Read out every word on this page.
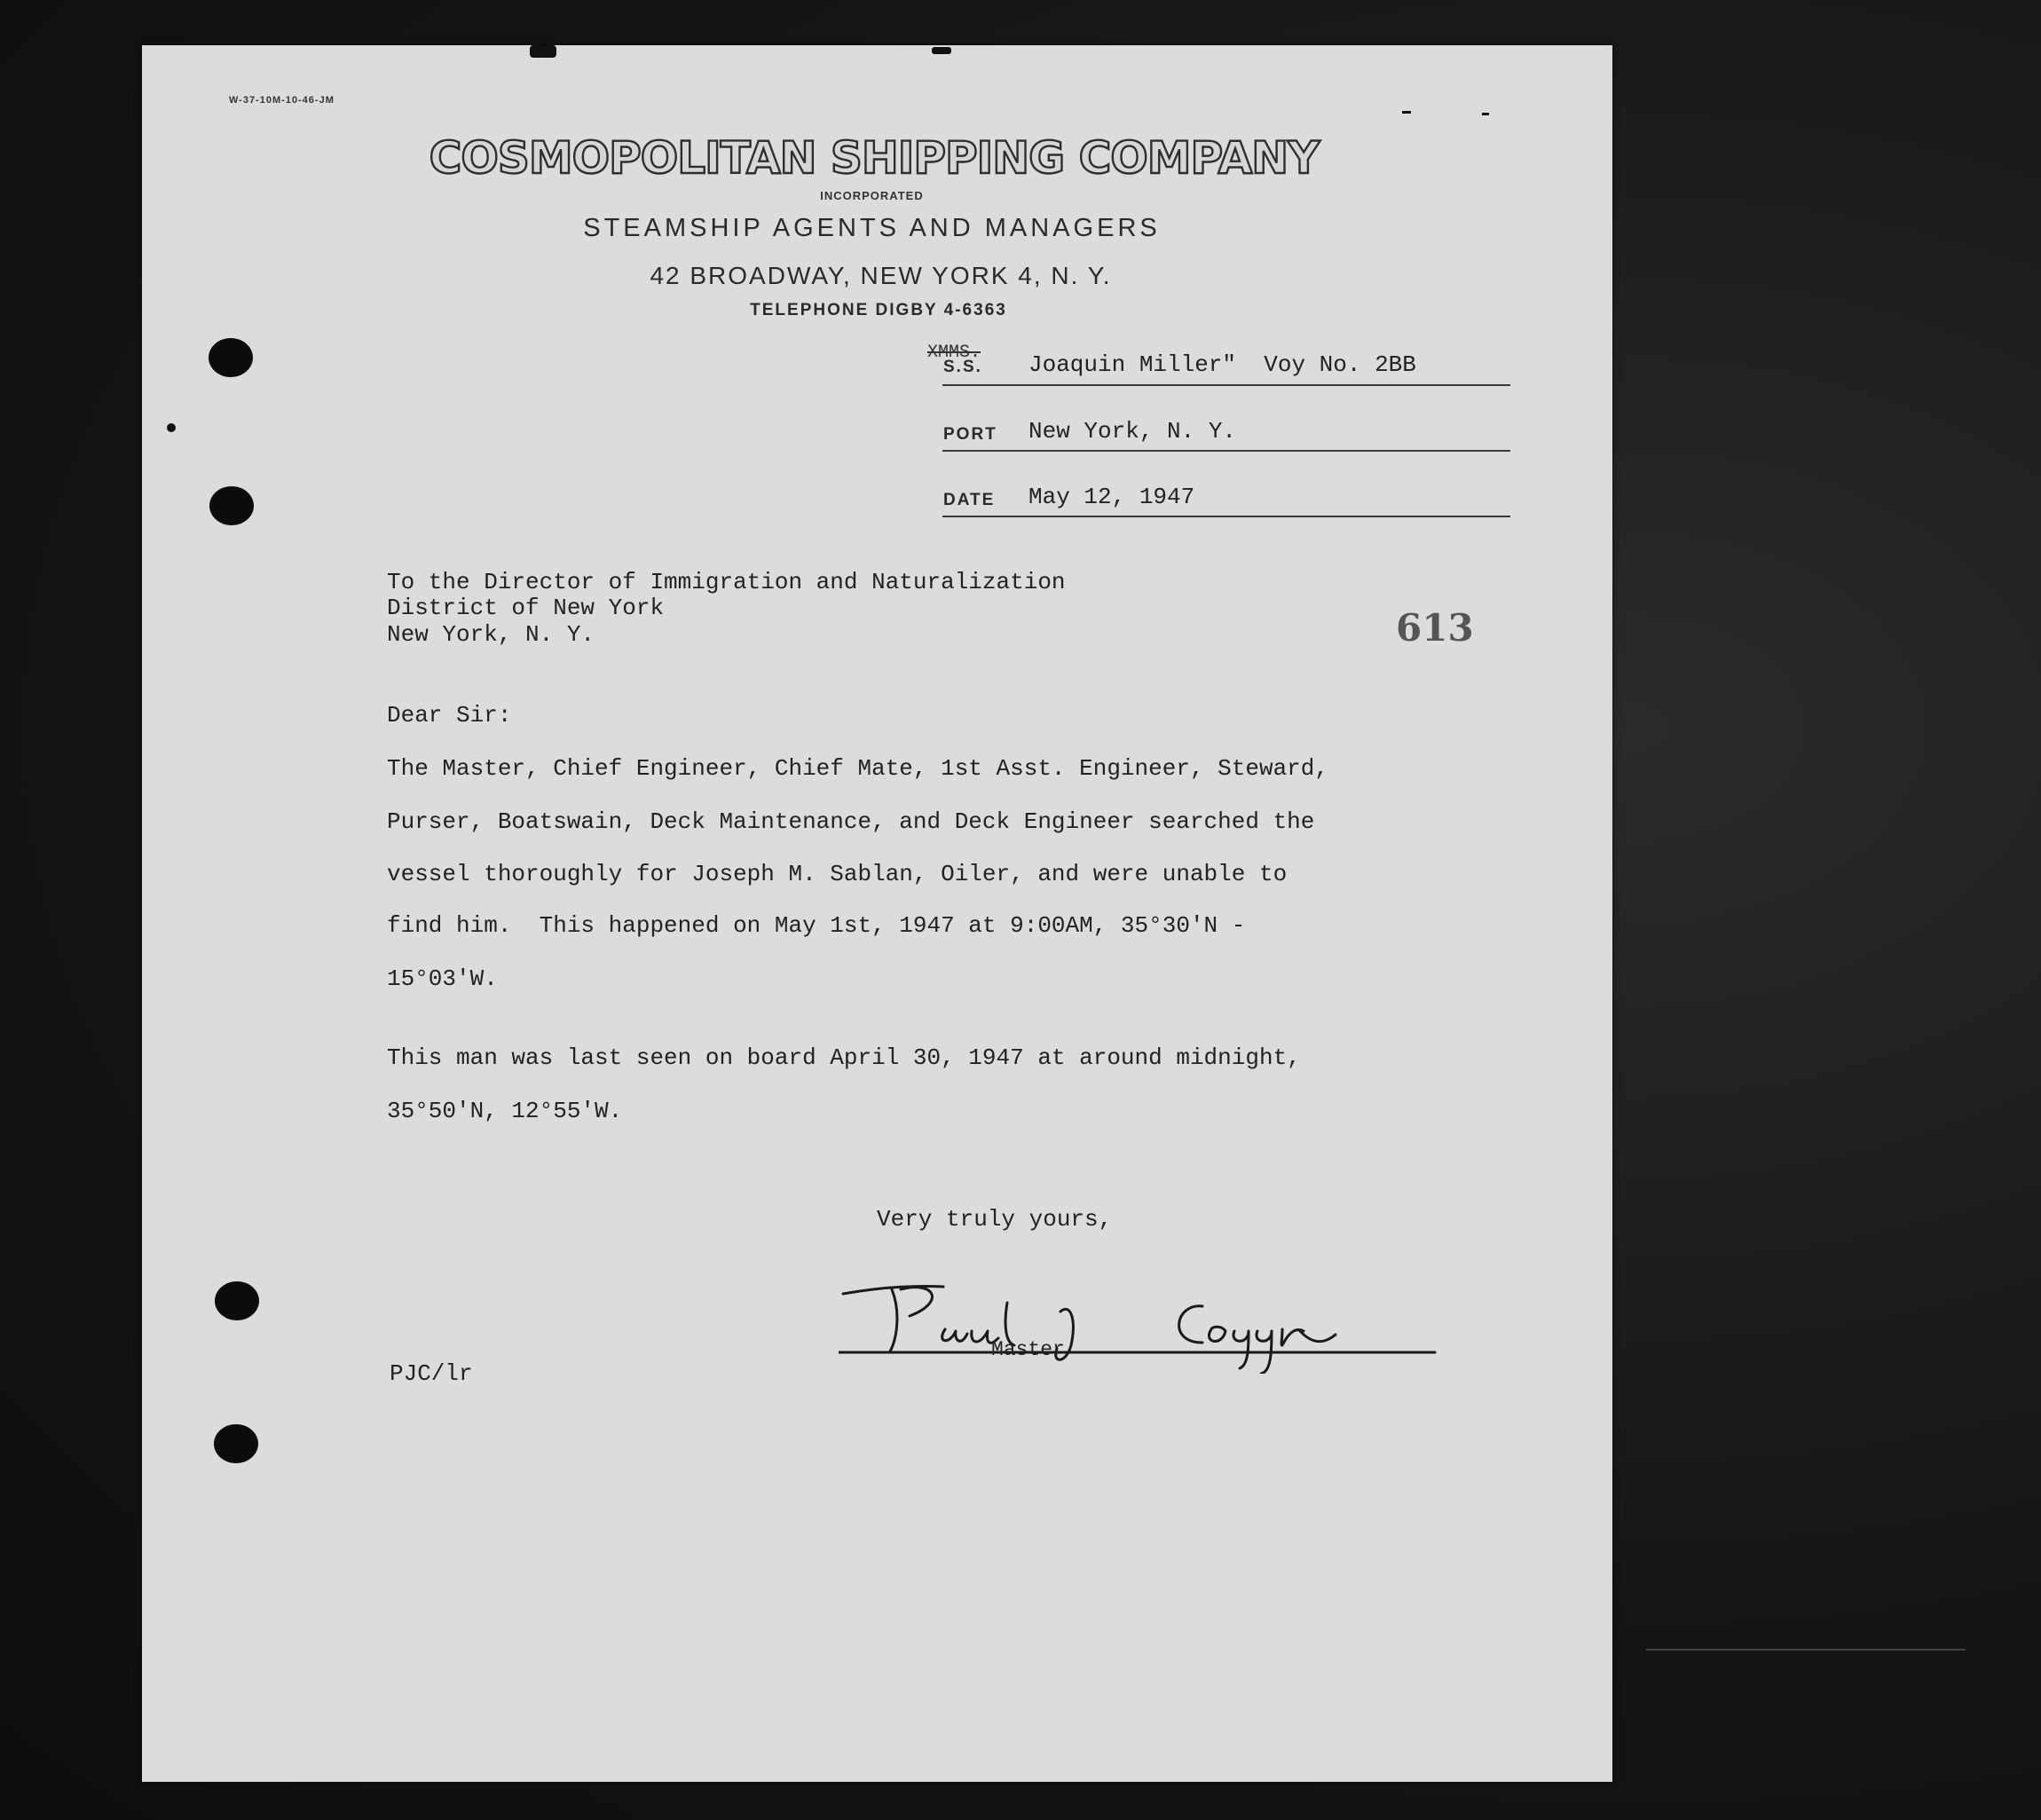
W-37-10M-10-46-JM
COSMOPOLITAN SHIPPING COMPANY
INCORPORATED
STEAMSHIP AGENTS AND MANAGERS
42 BROADWAY, NEW YORK 4, N. Y.
TELEPHONE DIGBY 4-6363
XMMS.
S.S. Joaquin Miller"  Voy No. 2BB
PORT New York, N. Y.
DATE May 12, 1947
To the Director of Immigration and Naturalization
District of New York
New York, N. Y.	613
Dear Sir:
The Master, Chief Engineer, Chief Mate, 1st Asst. Engineer, Steward,
Purser, Boatswain, Deck Maintenance, and Deck Engineer searched the
vessel thoroughly for Joseph M. Sablan, Oiler, and were unable to
find him.  This happened on May 1st, 1947 at 9:00AM, 35°30'N -
15°03'W.
This man was last seen on board April 30, 1947 at around midnight,
35°50'N, 12°55'W.
Very truly yours,
Master
PJC/lr
